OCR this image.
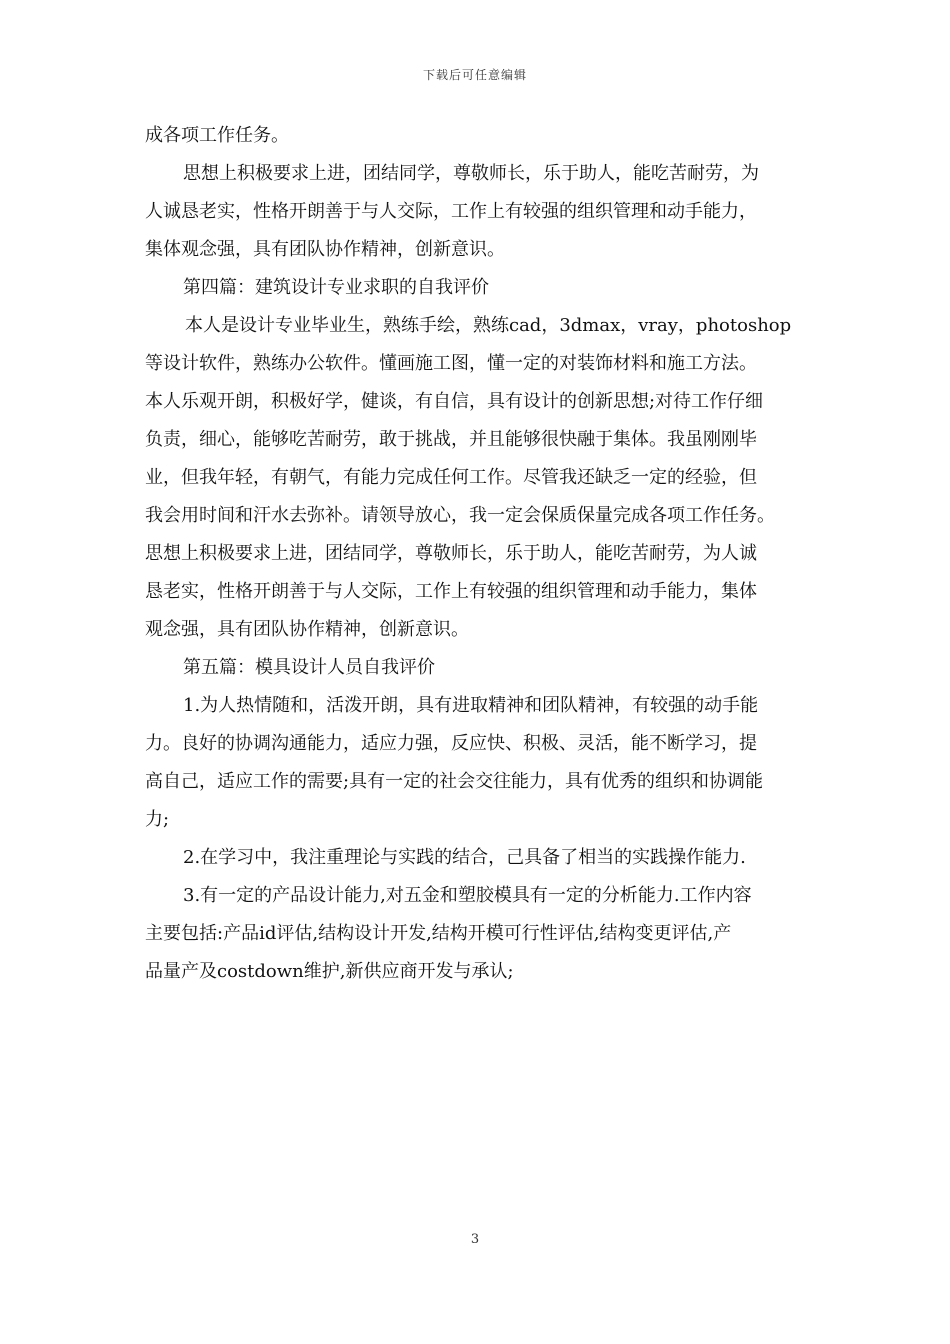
下载后可任意编辑
成各项工作任务。
思想上积极要求上进，团结同学，尊敬师长，乐于助人，能吃苦耐劳，为
人诚恳老实，性格开朗善于与人交际，工作上有较强的组织管理和动手能力，
集体观念强，具有团队协作精神，创新意识。
第四篇：建筑设计专业求职的自我评价
本人是设计专业毕业生，熟练手绘，熟练cad，3dmax，vray，photoshop
等设计软件，熟练办公软件。懂画施工图，懂一定的对装饰材料和施工方法。
本人乐观开朗，积极好学，健谈，有自信，具有设计的创新思想;对待工作仔细
负责，细心，能够吃苦耐劳，敢于挑战，并且能够很快融于集体。我虽刚刚毕
业，但我年轻，有朝气，有能力完成任何工作。尽管我还缺乏一定的经验，但
我会用时间和汗水去弥补。请领导放心，我一定会保质保量完成各项工作任务。
思想上积极要求上进，团结同学，尊敬师长，乐于助人，能吃苦耐劳，为人诚
恳老实，性格开朗善于与人交际，工作上有较强的组织管理和动手能力，集体
观念强，具有团队协作精神，创新意识。
第五篇：模具设计人员自我评价
1.为人热情随和，活泼开朗，具有进取精神和团队精神，有较强的动手能
力。良好的协调沟通能力，适应力强，反应快、积极、灵活，能不断学习，提
高自己，适应工作的需要;具有一定的社会交往能力，具有优秀的组织和协调能
力;
2.在学习中，我注重理论与实践的结合，己具备了相当的实践操作能力.
3.有一定的产品设计能力,对五金和塑胶模具有一定的分析能力.工作内容
主要包括:产品id评估,结构设计开发,结构开模可行性评估,结构变更评估,产
品量产及costdown维护,新供应商开发与承认;
3
